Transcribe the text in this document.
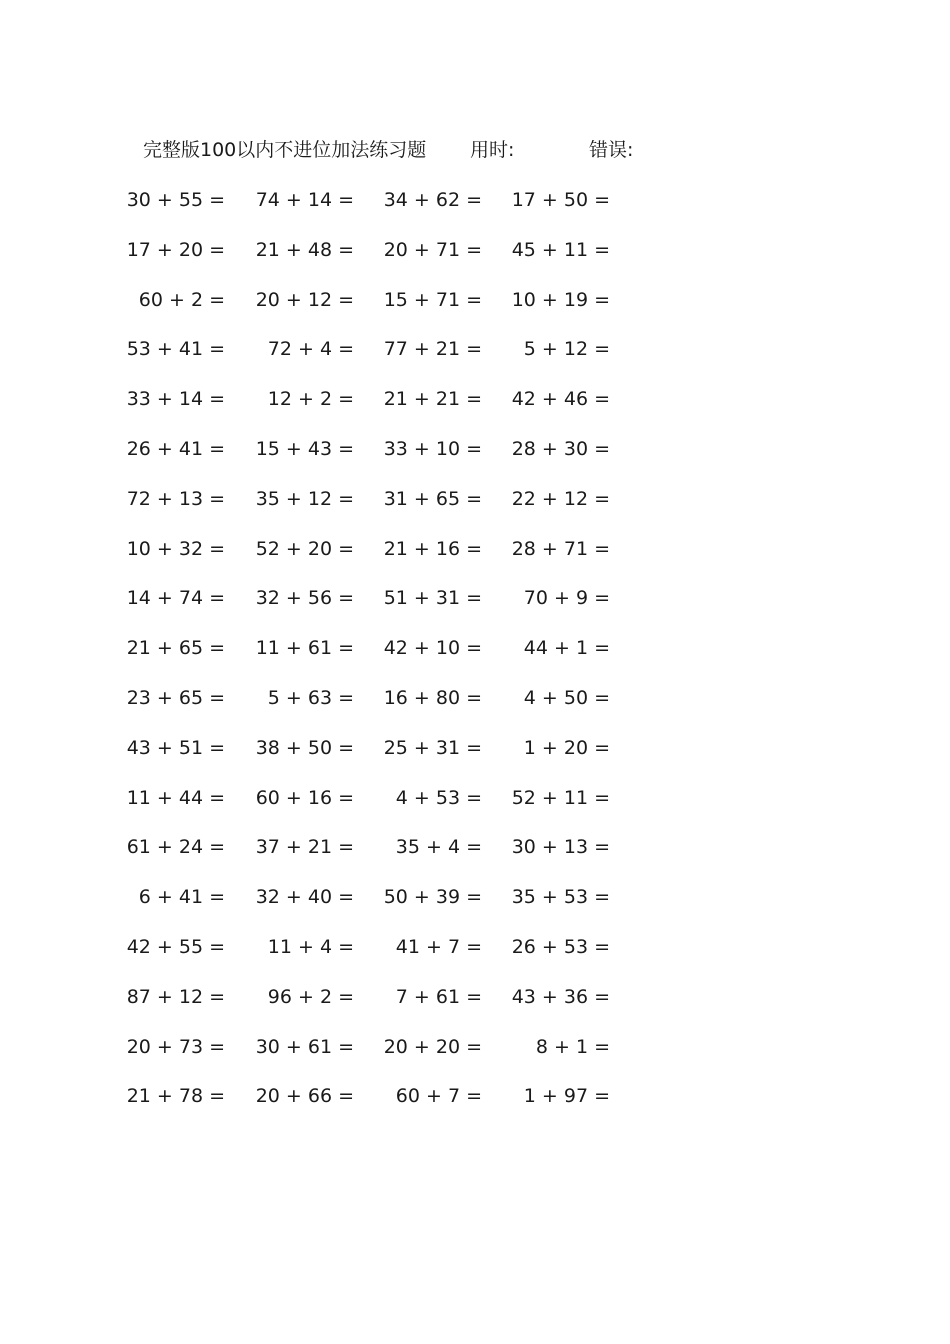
完整版100以内不进位加法练习题 用时:	错误:
30 + 55 =	74 + 14 =	34 + 62 =	17 + 50 =
17 + 20 =	21 + 48 =	20 + 71 =	45 + 11 =
60 + 2 =	20 + 12 =	15 + 71 =	10 + 19 =
53 + 41 =	72 + 4 =	77 + 21 =	5 + 12 =
33 + 14 =	12 + 2 =	21 + 21 =	42 + 46 =
26 + 41 =	15 + 43 =	33 + 10 =	28 + 30 =
72 + 13 =	35 + 12 =	31 + 65 =	22 + 12 =
10 + 32 =	52 + 20 =	21 + 16 =	28 + 71 =
14 + 74 =	32 + 56 =	51 + 31 =	70 + 9 =
21 + 65 =	11 + 61 =	42 + 10 =	44 + 1 =
23 + 65 =	5 + 63 =	16 + 80 =	4 + 50 =
43 + 51 =	38 + 50 =	25 + 31 =	1 + 20 =
11 + 44 =	60 + 16 =	4 + 53 =	52 + 11 =
61 + 24 =	37 + 21 =	35 + 4 =	30 + 13 =
6 + 41 =	32 + 40 =	50 + 39 =	35 + 53 =
42 + 55 =	11 + 4 =	41 + 7 =	26 + 53 =
87 + 12 =	96 + 2 =	7 + 61 =	43 + 36 =
20 + 73 =	30 + 61 =	20 + 20 =	8 + 1 =
21 + 78 =	20 + 66 =	60 + 7 =	1 + 97 =
